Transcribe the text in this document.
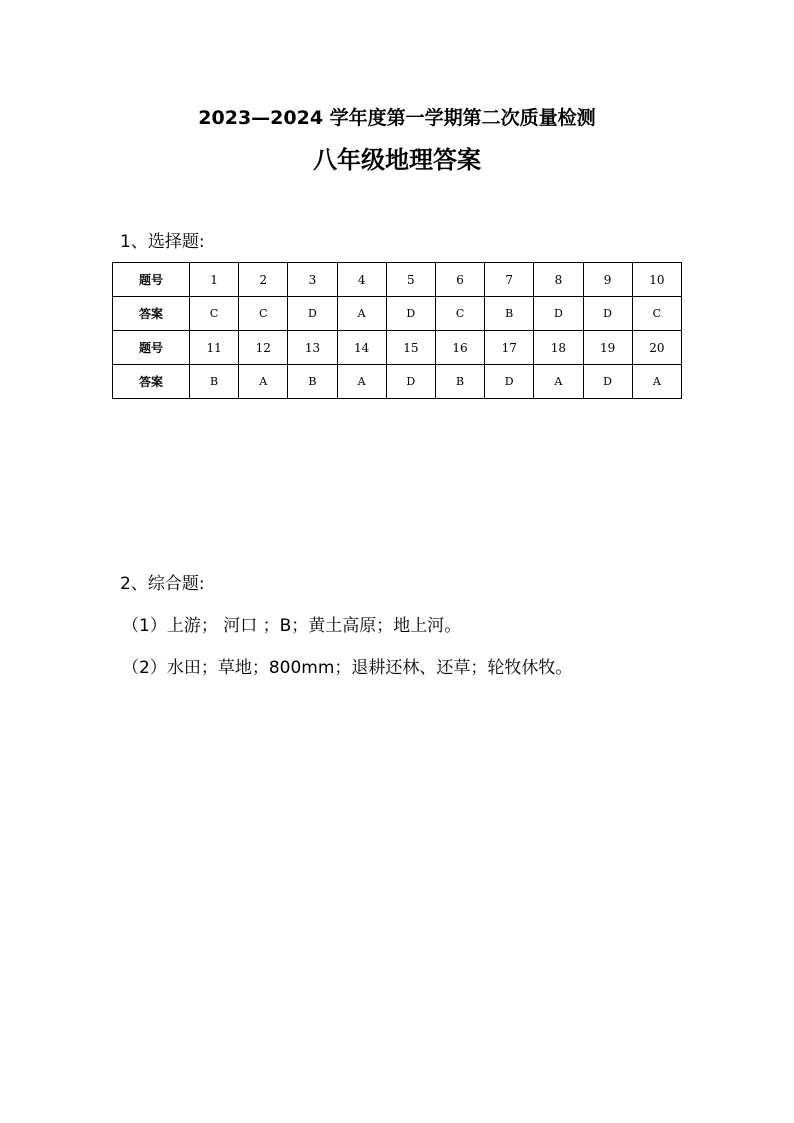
2023—2024 学年度第一学期第二次质量检测
八年级地理答案

1、选择题:

题号	1	2	3	4	5	6	7	8	9	10
答案	C	C	D	A	D	C	B	D	D	C
题号	11	12	13	14	15	16	17	18	19	20
答案	B	A	B	A	D	B	D	A	D	A

2、综合题:

（1）上游； 河口 ；B；黄土高原；地上河。

（2）水田；草地；800mm；退耕还林、还草；轮牧休牧。
